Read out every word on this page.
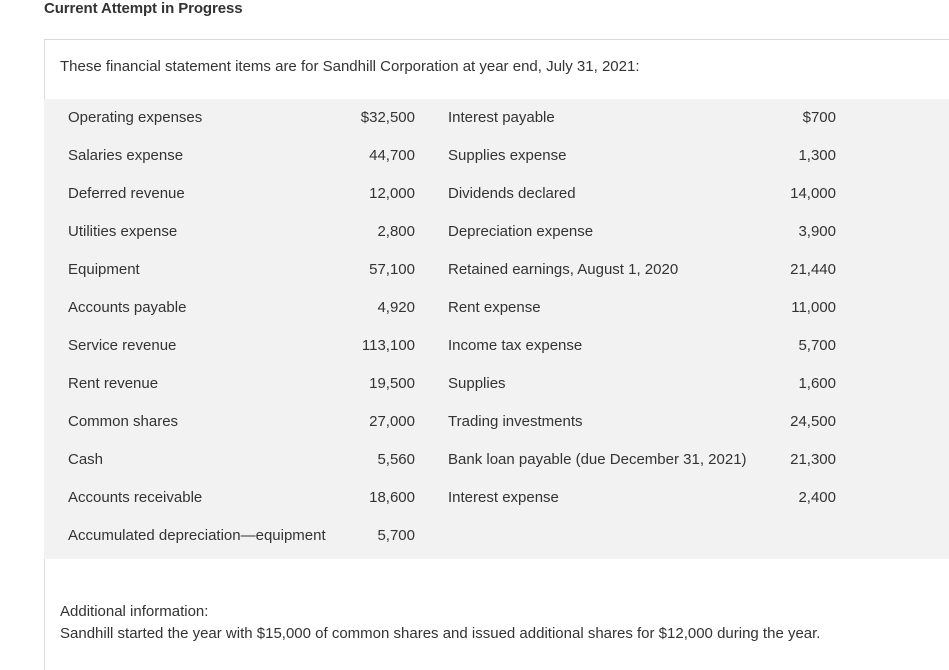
Current Attempt in Progress
These financial statement items are for Sandhill Corporation at year end, July 31, 2021:
Operating expenses	$32,500 Interest payable	$700
Salaries expense	44,700 Supplies expense	1,300
Deferred revenue	12,000 Dividends declared	14,000
Utilities expense	2,800 Depreciation expense	3,900
Equipment	57,100 Retained earnings, August 1, 2020	21,440
Accounts payable	4,920 Rent expense	11,000
Service revenue	113,100 Income tax expense	5,700
Rent revenue	19,500 Supplies	1,600
Common shares	27,000 Trading investments	24,500
Cash	5,560 Bank loan payable (due December 31, 2021)	21,300
Accounts receivable	18,600 Interest expense	2,400
Accumulated depreciation—equipment	5,700
Additional information:
Sandhill started the year with $15,000 of common shares and issued additional shares for $12,000 during the year.
